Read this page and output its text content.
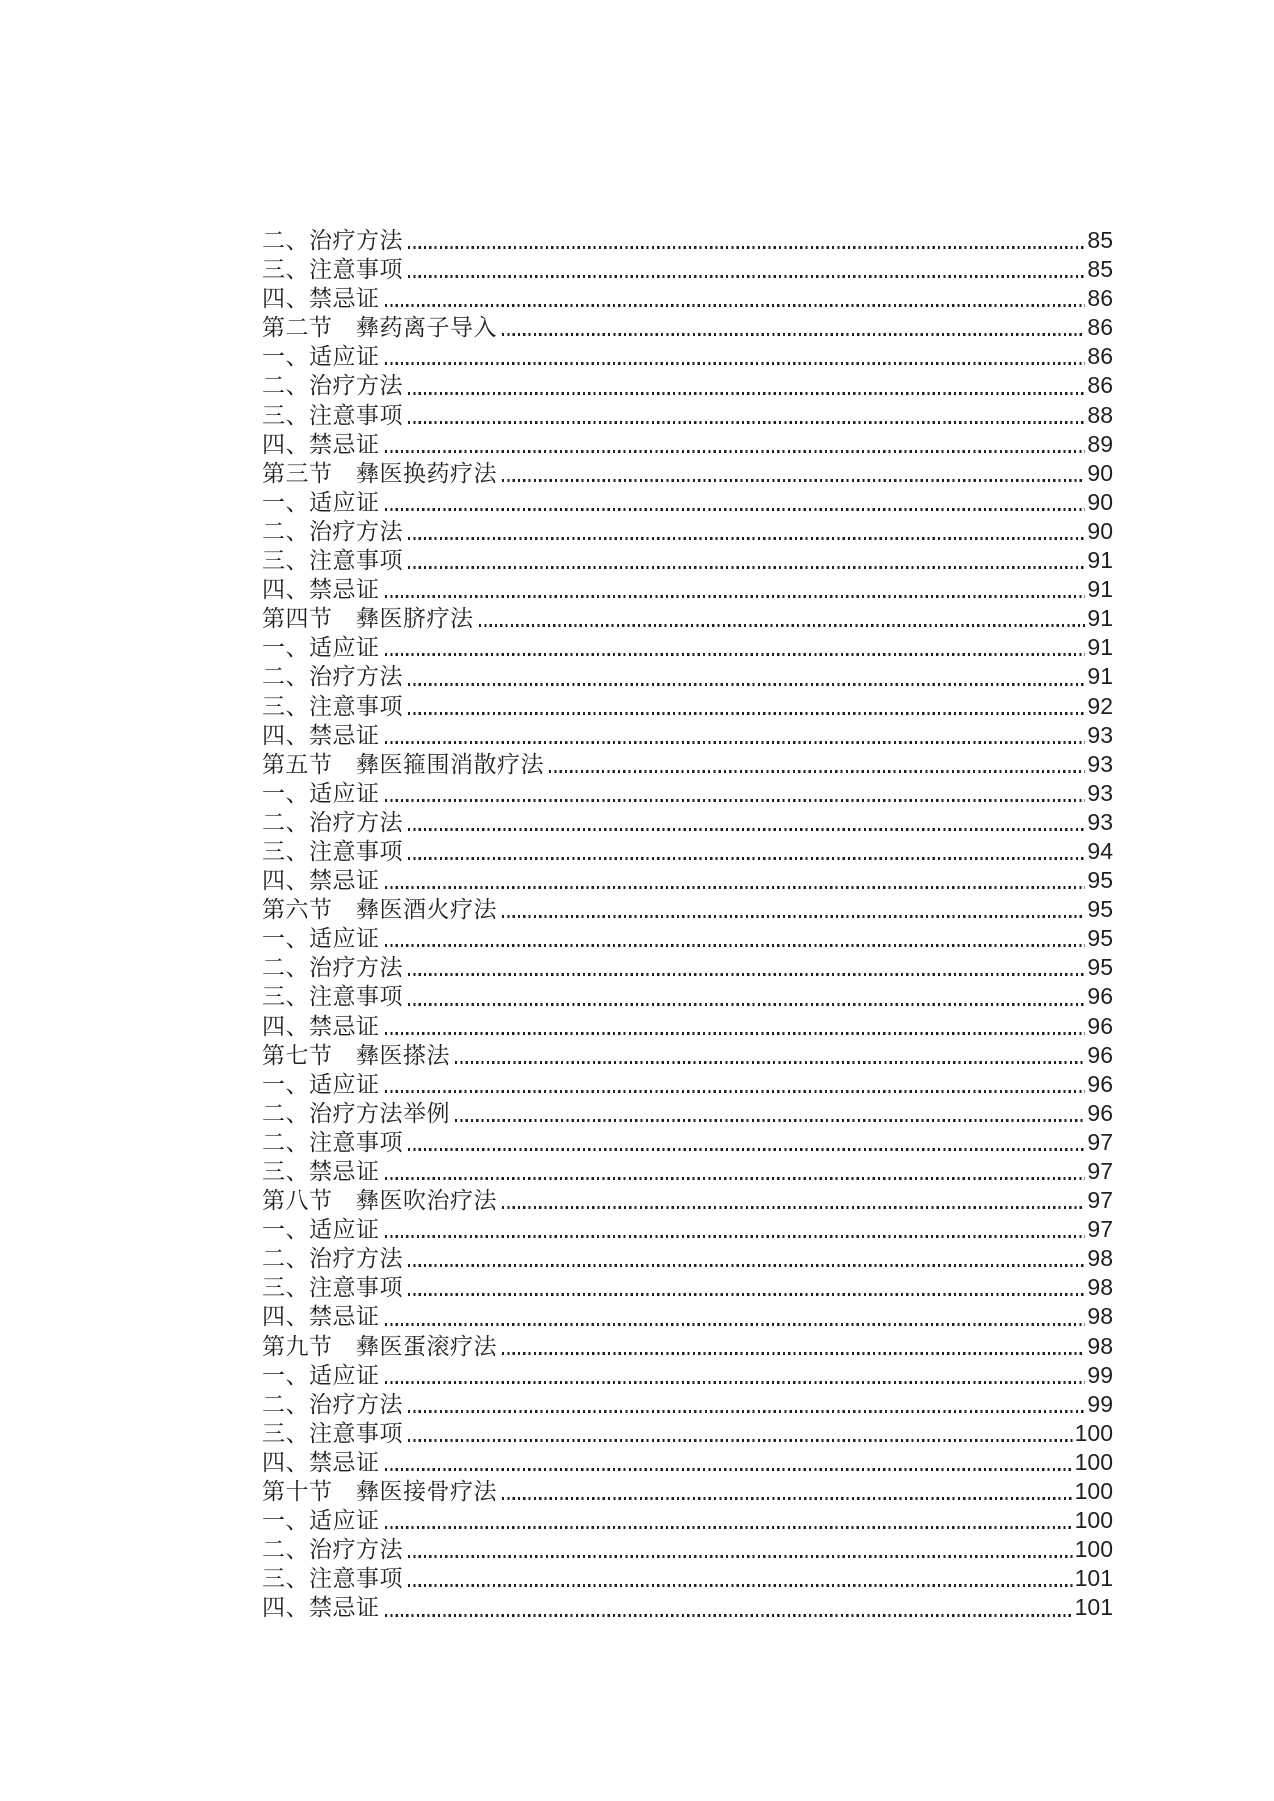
二、治疗方法	85
三、注意事项	85
四、禁忌证	86
第二节　彝药离子导入	86
一、适应证	86
二、治疗方法	86
三、注意事项	88
四、禁忌证	89
第三节　彝医换药疗法	90
一、适应证	90
二、治疗方法	90
三、注意事项	91
四、禁忌证	91
第四节　彝医脐疗法	91
一、适应证	91
二、治疗方法	91
三、注意事项	92
四、禁忌证	93
第五节　彝医箍围消散疗法	93
一、适应证	93
二、治疗方法	93
三、注意事项	94
四、禁忌证	95
第六节　彝医酒火疗法	95
一、适应证	95
二、治疗方法	95
三、注意事项	96
四、禁忌证	96
第七节　彝医搽法	96
一、适应证	96
二、治疗方法举例	96
二、注意事项	97
三、禁忌证	97
第八节　彝医吹治疗法	97
一、适应证	97
二、治疗方法	98
三、注意事项	98
四、禁忌证	98
第九节　彝医蛋滚疗法	98
一、适应证	99
二、治疗方法	99
三、注意事项	100
四、禁忌证	100
第十节　彝医接骨疗法	100
一、适应证	100
二、治疗方法	100
三、注意事项	101
四、禁忌证	101
